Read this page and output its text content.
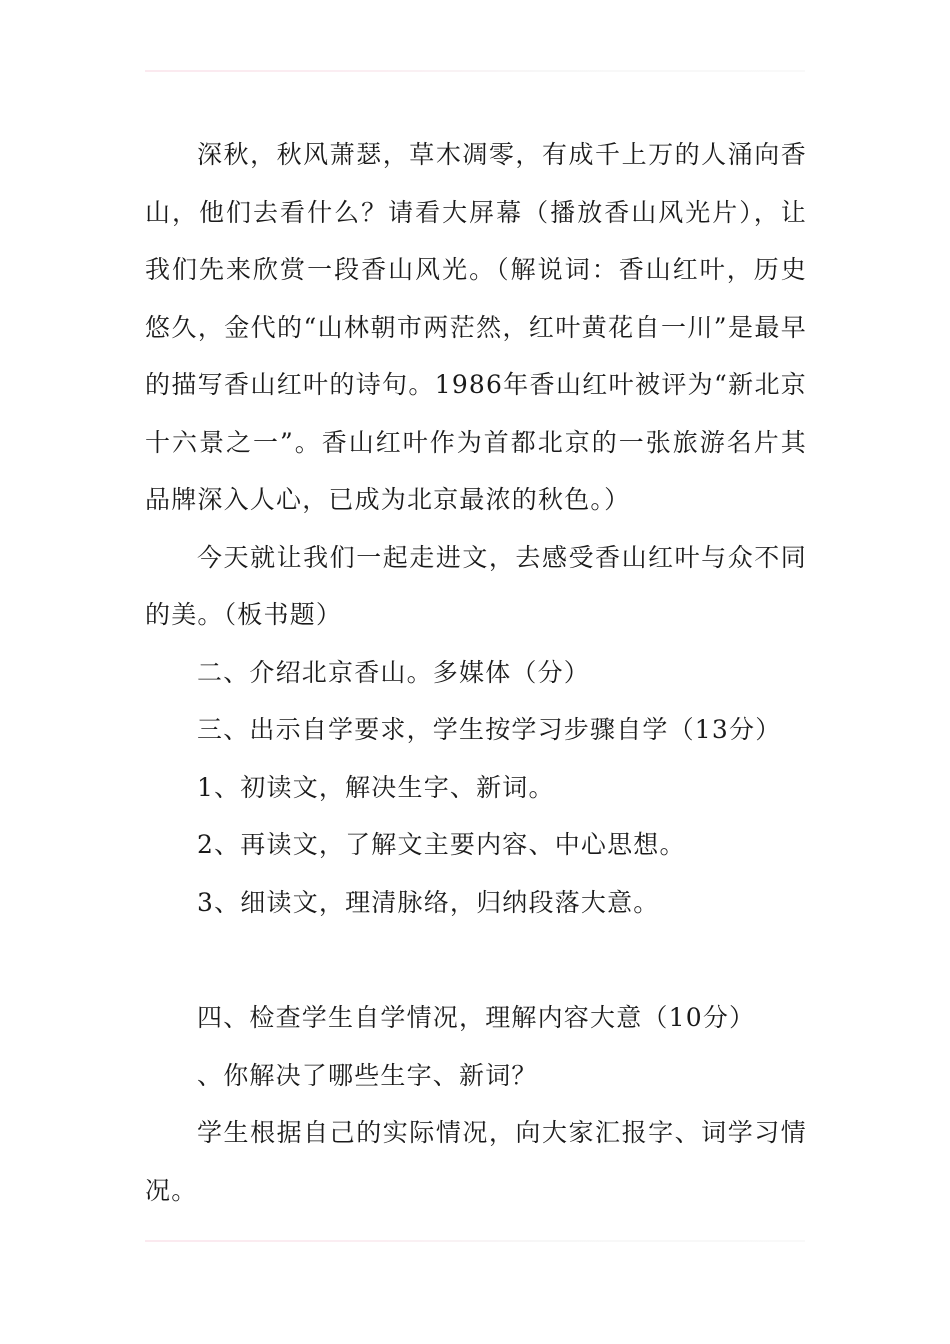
深秋，秋风萧瑟，草木凋零，有成千上万的人涌向香山，他们去看什么？请看大屏幕（播放香山风光片），让我们先来欣赏一段香山风光。（解说词：香山红叶，历史悠久，金代的“山林朝市两茫然，红叶黄花自一川”是最早的描写香山红叶的诗句。1986年香山红叶被评为“新北京十六景之一”。香山红叶作为首都北京的一张旅游名片其品牌深入人心，已成为北京最浓的秋色。）

今天就让我们一起走进文，去感受香山红叶与众不同的美。（板书题）

二、介绍北京香山。多媒体（分）

三、出示自学要求，学生按学习步骤自学（13分）

1、初读文，解决生字、新词。

2、再读文，了解文主要内容、中心思想。

3、细读文，理清脉络，归纳段落大意。

四、检查学生自学情况，理解内容大意（10分）

、你解决了哪些生字、新词？

学生根据自己的实际情况，向大家汇报字、词学习情况。
